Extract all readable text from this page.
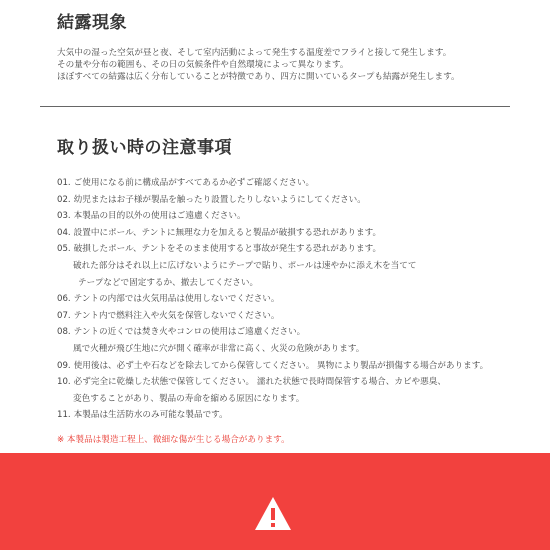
結露現象
大気中の湿った空気が昼と夜、そして室内活動によって発生する温度差でフライと接して発生します。
その量や分布の範囲も、その日の気候条件や自然環境によって異なります。
ほぼすべての結露は広く分布していることが特徴であり、四方に開いているタープも結露が発生します。
取り扱い時の注意事項
01. ご使用になる前に構成品がすべてあるか必ずご確認ください。
02. 幼児またはお子様が製品を触ったり設置したりしないようにしてください。
03. 本製品の目的以外の使用はご遠慮ください。
04. 設置中にポール、テントに無理な力を加えると製品が破損する恐れがあります。
05. 破損したポール、テントをそのまま使用すると事故が発生する恐れがあります。
破れた部分はそれ以上に広げないようにテープで貼り、ポールは速やかに添え木を当てて
テープなどで固定するか、撤去してください。
06. テントの内部では火気用品は使用しないでください。
07. テント内で燃料注入や火気を保管しないでください。
08. テントの近くでは焚き火やコンロの使用はご遠慮ください。
風で火種が飛び生地に穴が開く確率が非常に高く、火災の危険があります。
09. 使用後は、必ず土や石などを除去してから保管してください。 異物により製品が損傷する場合があります。
10. 必ず完全に乾燥した状態で保管してください。 濡れた状態で長時間保管する場合、カビや悪臭、
変色することがあり、製品の寿命を縮める原因になります。
11. 本製品は生活防水のみ可能な製品です。
※ 本製品は製造工程上、微細な傷が生じる場合があります。
